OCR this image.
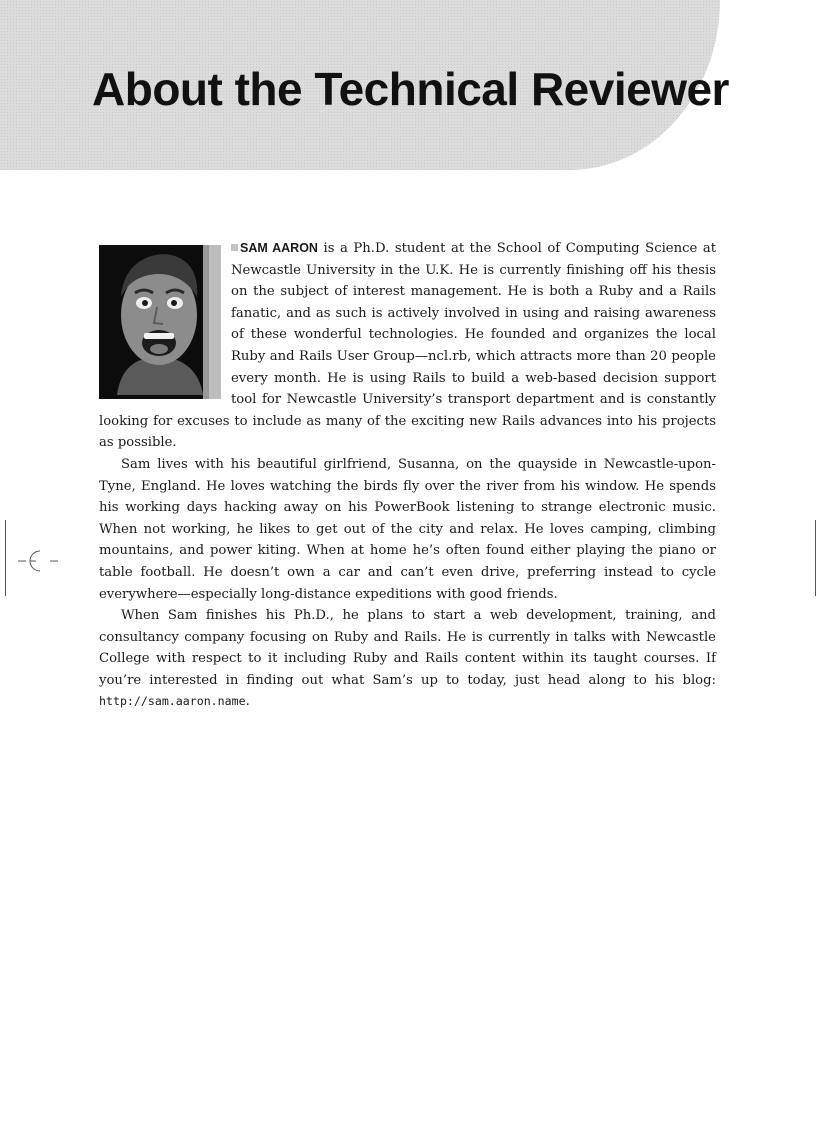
About the Technical Reviewer

SAM AARON is a Ph.D. student at the School of Computing Science at Newcastle University in the U.K. He is currently finishing off his thesis on the subject of interest management. He is both a Ruby and a Rails fanatic, and as such is actively involved in using and raising awareness of these wonderful technologies. He founded and organizes the local Ruby and Rails User Group—ncl.rb, which attracts more than 20 people every month. He is using Rails to build a web-based decision support tool for Newcastle University’s transport department and is constantly looking for excuses to include as many of the exciting new Rails advances into his projects as possible.

Sam lives with his beautiful girlfriend, Susanna, on the quayside in Newcastle-upon-Tyne, England. He loves watching the birds fly over the river from his window. He spends his working days hacking away on his PowerBook listening to strange electronic music. When not working, he likes to get out of the city and relax. He loves camping, climbing mountains, and power kiting. When at home he’s often found either playing the piano or table football. He doesn’t own a car and can’t even drive, preferring instead to cycle everywhere—especially long-distance expeditions with good friends.

When Sam finishes his Ph.D., he plans to start a web development, training, and consultancy company focusing on Ruby and Rails. He is currently in talks with Newcastle College with respect to it including Ruby and Rails content within its taught courses. If you’re interested in finding out what Sam’s up to today, just head along to his blog: http://sam.aaron.name.
